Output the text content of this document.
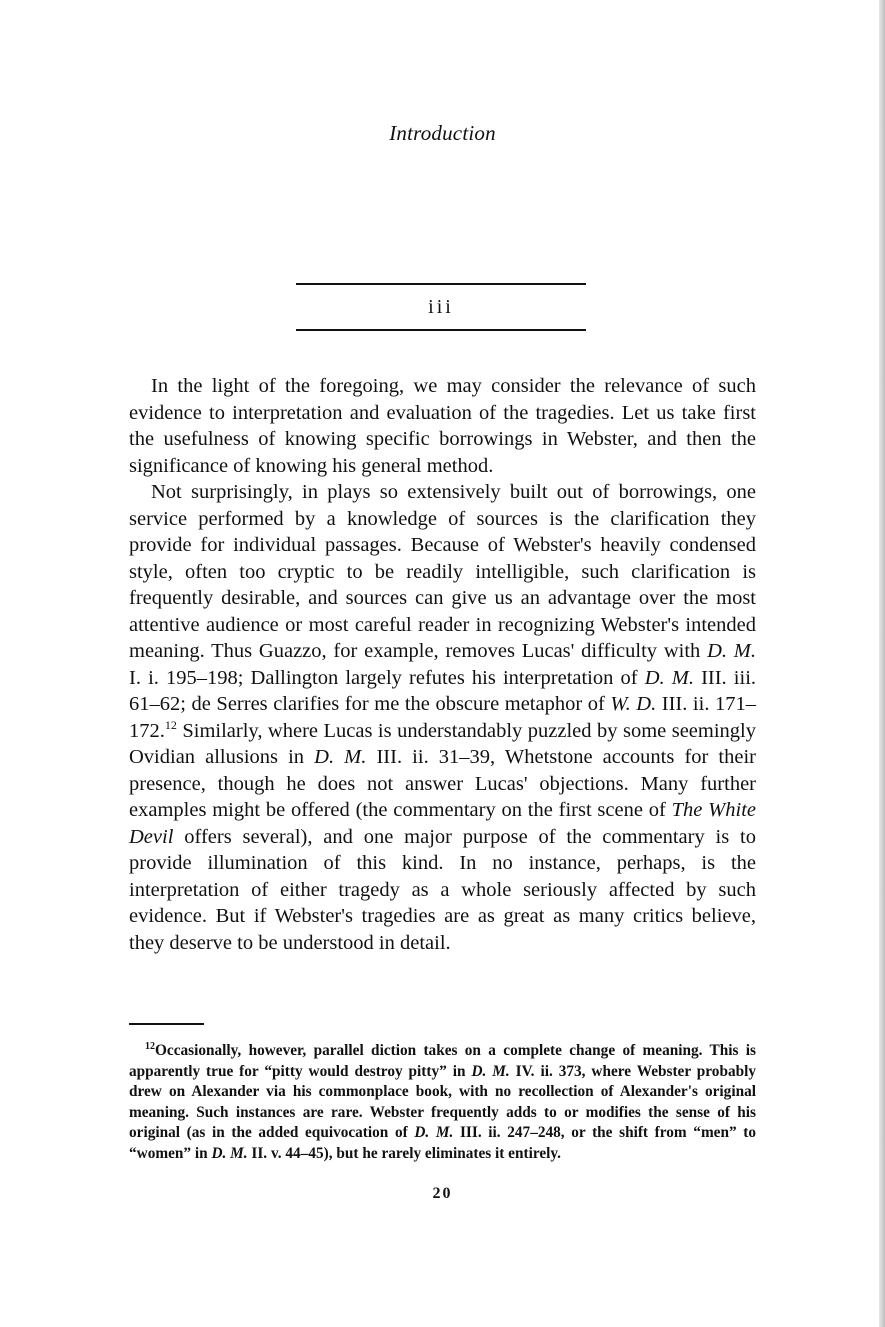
Introduction
iii

In the light of the foregoing, we may consider the relevance of such evidence to interpretation and evaluation of the tragedies. Let us take first the usefulness of knowing specific borrowings in Webster, and then the significance of knowing his general method.

Not surprisingly, in plays so extensively built out of borrowings, one service performed by a knowledge of sources is the clarification they provide for individual passages. Because of Webster's heavily condensed style, often too cryptic to be readily intelligible, such clarification is frequently desirable, and sources can give us an advantage over the most attentive audience or most careful reader in recognizing Webster's intended meaning. Thus Guazzo, for example, removes Lucas' difficulty with D. M. I. i. 195–198; Dallington largely refutes his interpretation of D. M. III. iii. 61–62; de Serres clarifies for me the obscure metaphor of W. D. III. ii. 171–172.12 Similarly, where Lucas is understandably puzzled by some seemingly Ovidian allusions in D. M. III. ii. 31–39, Whetstone accounts for their presence, though he does not answer Lucas' objections. Many further examples might be offered (the commentary on the first scene of The White Devil offers several), and one major purpose of the commentary is to provide illumination of this kind. In no instance, perhaps, is the interpretation of either tragedy as a whole seriously affected by such evidence. But if Webster's tragedies are as great as many critics believe, they deserve to be understood in detail.

$^{12}$Occasionally, however, parallel diction takes on a complete change of meaning. This is apparently true for “pitty would destroy pitty” in D. M. IV. ii. 373, where Webster probably drew on Alexander via his commonplace book, with no recollection of Alexander's original meaning. Such instances are rare. Webster frequently adds to or modifies the sense of his original (as in the added equivocation of D. M. III. ii. 247–248, or the shift from “men” to “women” in D. M. II. v. 44–45), but he rarely eliminates it entirely.

20
